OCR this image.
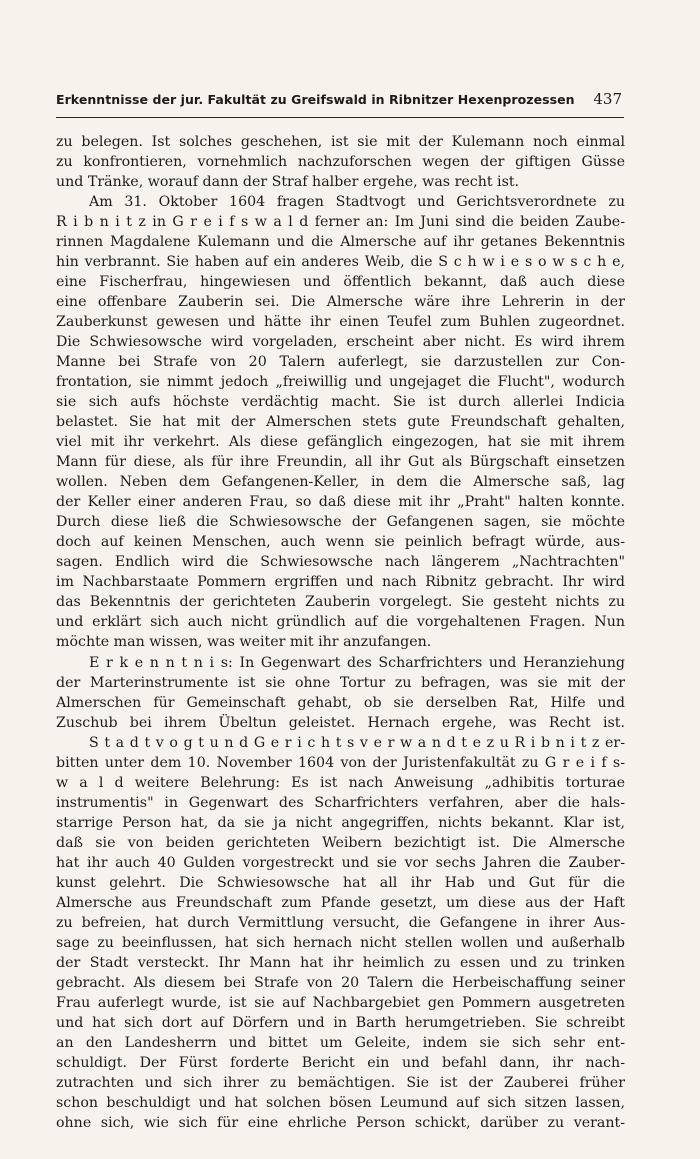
Erkenntnisse der jur. Fakultät zu Greifswald in Ribnitzer Hexenprozessen 437
zu belegen. Ist solches geschehen, ist sie mit der Kulemann noch einmal
zu konfrontieren, vornehmlich nachzuforschen wegen der giftigen Güsse
und Tränke, worauf dann der Straf halber ergehe, was recht ist.
Am 31. Oktober 1604 fragen Stadtvogt und Gerichtsverordnete zu
R i b n i t z in G r e i f s w a l d ferner an: Im Juni sind die beiden Zaube-
rinnen Magdalene Kulemann und die Almersche auf ihr getanes Bekenntnis
hin verbrannt. Sie haben auf ein anderes Weib, die S c h w i e s o w s c h e,
eine Fischerfrau, hingewiesen und öffentlich bekannt, daß auch diese
eine offenbare Zauberin sei. Die Almersche wäre ihre Lehrerin in der
Zauberkunst gewesen und hätte ihr einen Teufel zum Buhlen zugeordnet.
Die Schwiesowsche wird vorgeladen, erscheint aber nicht. Es wird ihrem
Manne bei Strafe von 20 Talern auferlegt, sie darzustellen zur Con-
frontation, sie nimmt jedoch „freiwillig und ungejaget die Flucht", wodurch
sie sich aufs höchste verdächtig macht. Sie ist durch allerlei Indicia
belastet. Sie hat mit der Almerschen stets gute Freundschaft gehalten,
viel mit ihr verkehrt. Als diese gefänglich eingezogen, hat sie mit ihrem
Mann für diese, als für ihre Freundin, all ihr Gut als Bürgschaft einsetzen
wollen. Neben dem Gefangenen-Keller, in dem die Almersche saß, lag
der Keller einer anderen Frau, so daß diese mit ihr „Praht" halten konnte.
Durch diese ließ die Schwiesowsche der Gefangenen sagen, sie möchte
doch auf keinen Menschen, auch wenn sie peinlich befragt würde, aus-
sagen. Endlich wird die Schwiesowsche nach längerem „Nachtrachten"
im Nachbarstaate Pommern ergriffen und nach Ribnitz gebracht. Ihr wird
das Bekenntnis der gerichteten Zauberin vorgelegt. Sie gesteht nichts zu
und erklärt sich auch nicht gründlich auf die vorgehaltenen Fragen. Nun
möchte man wissen, was weiter mit ihr anzufangen.
E r k e n n t n i s: In Gegenwart des Scharfrichters und Heranziehung
der Marterinstrumente ist sie ohne Tortur zu befragen, was sie mit der
Almerschen für Gemeinschaft gehabt, ob sie derselben Rat, Hilfe und
Zuschub bei ihrem Übeltun geleistet. Hernach ergehe, was Recht ist.
S t a d t v o g t u n d G e r i c h t s v e r w a n d t e z u R i b n i t z er-
bitten unter dem 10. November 1604 von der Juristenfakultät zu G r e i f s-
w a l d weitere Belehrung: Es ist nach Anweisung „adhibitis torturae
instrumentis" in Gegenwart des Scharfrichters verfahren, aber die hals-
starrige Person hat, da sie ja nicht angegriffen, nichts bekannt. Klar ist,
daß sie von beiden gerichteten Weibern bezichtigt ist. Die Almersche
hat ihr auch 40 Gulden vorgestreckt und sie vor sechs Jahren die Zauber-
kunst gelehrt. Die Schwiesowsche hat all ihr Hab und Gut für die
Almersche aus Freundschaft zum Pfande gesetzt, um diese aus der Haft
zu befreien, hat durch Vermittlung versucht, die Gefangene in ihrer Aus-
sage zu beeinflussen, hat sich hernach nicht stellen wollen und außerhalb
der Stadt versteckt. Ihr Mann hat ihr heimlich zu essen und zu trinken
gebracht. Als diesem bei Strafe von 20 Talern die Herbeischaffung seiner
Frau auferlegt wurde, ist sie auf Nachbargebiet gen Pommern ausgetreten
und hat sich dort auf Dörfern und in Barth herumgetrieben. Sie schreibt
an den Landesherrn und bittet um Geleite, indem sie sich sehr ent-
schuldigt. Der Fürst forderte Bericht ein und befahl dann, ihr nach-
zutrachten und sich ihrer zu bemächtigen. Sie ist der Zauberei früher
schon beschuldigt und hat solchen bösen Leumund auf sich sitzen lassen,
ohne sich, wie sich für eine ehrliche Person schickt, darüber zu verant-
